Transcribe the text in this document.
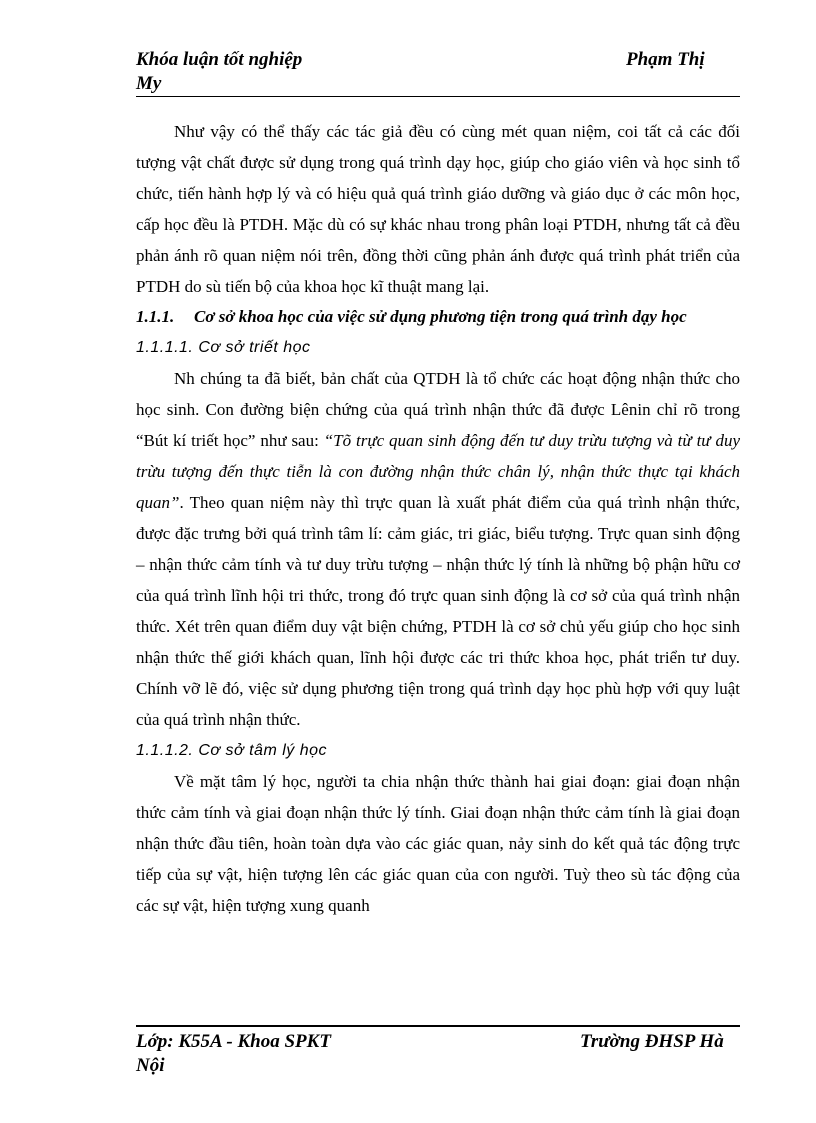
Khóa luận tốt nghiệp	Phạm Thị
My

Như vậy có thể thấy các tác giả đều có cùng mét quan niệm, coi tất cả các đối tượng vật chất được sử dụng trong quá trình dạy học, giúp cho giáo viên và học sinh tổ chức, tiến hành hợp lý và có hiệu quả quá trình giáo dưỡng và giáo dục ở các môn học, cấp học đều là PTDH. Mặc dù có sự khác nhau trong phân loại PTDH, nhưng tất cả đều phản ánh rõ quan niệm nói trên, đồng thời cũng phản ánh được quá trình phát triển của PTDH do sù tiến bộ của khoa học kĩ thuật mang lại.

1.1.1. Cơ sở khoa học của việc sử dụng phương tiện trong quá trình dạy học
1.1.1.1. Cơ sở triết học

Nh chúng ta đã biết, bản chất của QTDH là tổ chức các hoạt động nhận thức cho học sinh. Con đường biện chứng của quá trình nhận thức đã được Lênin chỉ rõ trong “Bút kí triết học” như sau: “Tõ trực quan sinh động đến tư duy trừu tượng và từ tư duy trừu tượng đến thực tiễn là con đường nhận thức chân lý, nhận thức thực tại khách quan”. Theo quan niệm này thì trực quan là xuất phát điểm của quá trình nhận thức, được đặc trưng bởi quá trình tâm lí: cảm giác, tri giác, biểu tượng. Trực quan sinh động – nhận thức cảm tính và tư duy trừu tượng – nhận thức lý tính là những bộ phận hữu cơ của quá trình lĩnh hội tri thức, trong đó trực quan sinh động là cơ sở của quá trình nhận thức. Xét trên quan điểm duy vật biện chứng, PTDH là cơ sở chủ yếu giúp cho học sinh nhận thức thế giới khách quan, lĩnh hội được các tri thức khoa học, phát triển tư duy. Chính vỡ lẽ đó, việc sử dụng phương tiện trong quá trình dạy học phù hợp với quy luật của quá trình nhận thức.

1.1.1.2. Cơ sở tâm lý học

Về mặt tâm lý học, người ta chia nhận thức thành hai giai đoạn: giai đoạn nhận thức cảm tính và giai đoạn nhận thức lý tính. Giai đoạn nhận thức cảm tính là giai đoạn nhận thức đầu tiên, hoàn toàn dựa vào các giác quan, nảy sinh do kết quả tác động trực tiếp của sự vật, hiện tượng lên các giác quan của con người. Tuỳ theo sù tác động của các sự vật, hiện tượng xung quanh

Lớp: K55A - Khoa SPKT	Trường ĐHSP Hà
Nội
